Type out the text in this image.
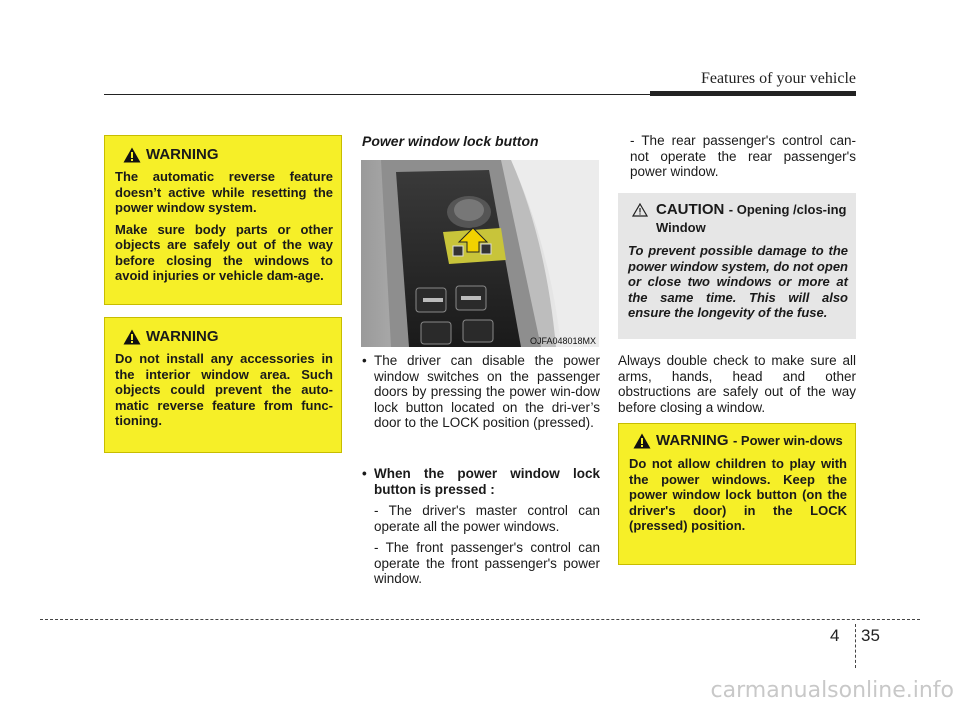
Features of your vehicle
WARNING

The automatic reverse feature doesn’t active while resetting the power window system.

Make sure body parts or other objects are safely out of the way before closing the windows to avoid injuries or vehicle dam-age.

WARNING

Do not install any accessories in the interior window area. Such objects could prevent the auto-matic reverse feature from func-tioning.

Power window lock button
OJFA048018MX
• The driver can disable the power window switches on the passenger doors by pressing the power win-dow lock button located on the dri-ver’s door to the LOCK position (pressed).
• When the power window lock button is pressed :
- The driver's master control can operate all the power windows.
- The front passenger's control can operate the front passenger's power window.
- The rear passenger's control can-not operate the rear passenger's power window.
CAUTION - Opening /clos-ing Window

To prevent possible damage to the power window system, do not open or close two windows or more at the same time. This will also ensure the longevity of the fuse.

Always double check to make sure all arms, hands, head and other obstructions are safely out of the way before closing a window.
WARNING - Power win-dows

Do not allow children to play with the power windows. Keep the power window lock button (on the driver's door) in the LOCK (pressed) position.

4 35
carmanualsonline.info
